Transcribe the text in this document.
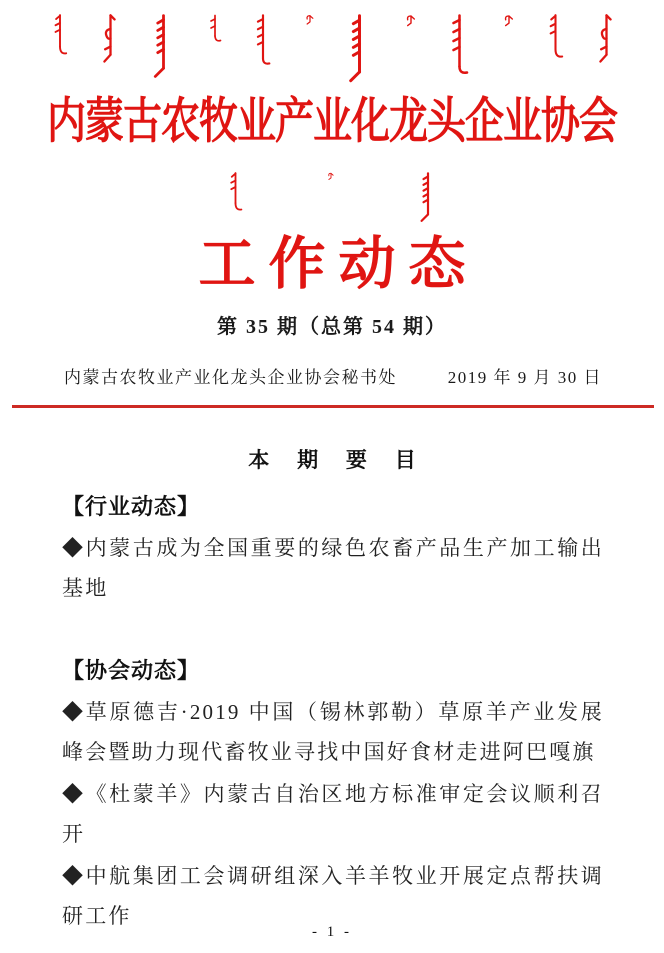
内蒙古农牧业产业化龙头企业协会
工作动态
第 35 期（总第 54 期）
内蒙古农牧业产业化龙头企业协会秘书处	2019 年 9 月 30 日
本 期 要 目
【行业动态】

◆内蒙古成为全国重要的绿色农畜产品生产加工输出基地

【协会动态】

◆草原德吉·2019 中国（锡林郭勒）草原羊产业发展峰会暨助力现代畜牧业寻找中国好食材走进阿巴嘎旗

◆《杜蒙羊》内蒙古自治区地方标准审定会议顺利召开

◆中航集团工会调研组深入羊羊牧业开展定点帮扶调研工作

- 1 -
